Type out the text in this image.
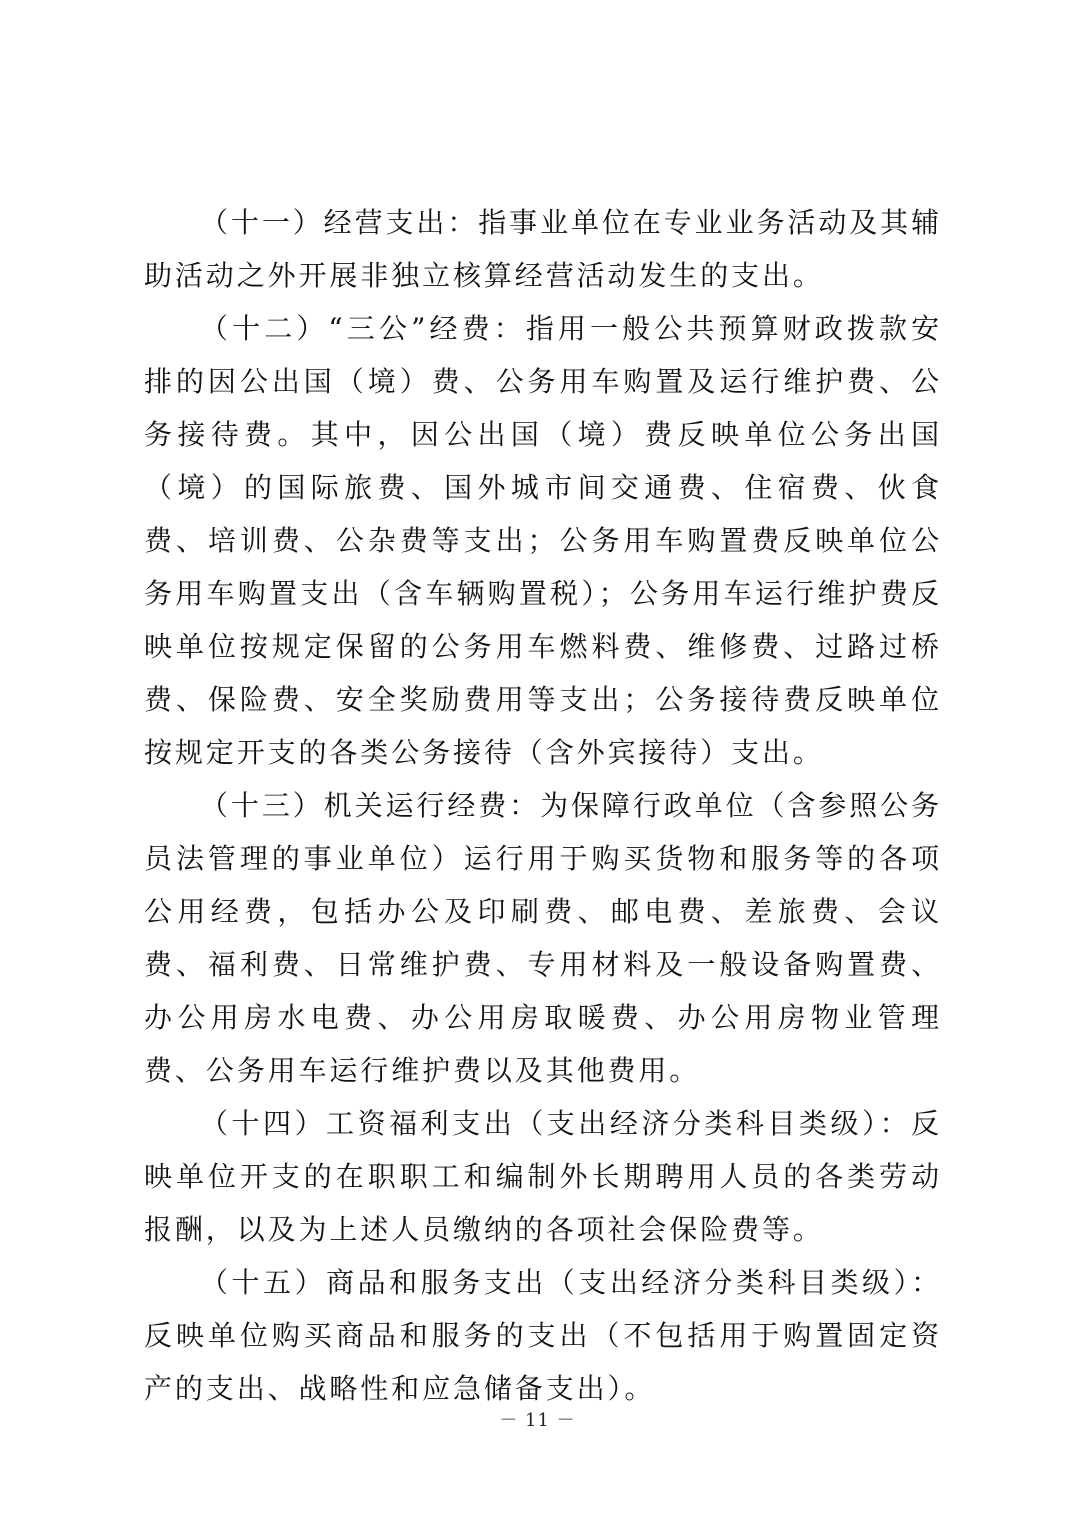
（十一）经营支出：指事业单位在专业业务活动及其辅助活动之外开展非独立核算经营活动发生的支出。

（十二）“三公”经费：指用一般公共预算财政拨款安排的因公出国（境）费、公务用车购置及运行维护费、公务接待费。其中，因公出国（境）费反映单位公务出国（境）的国际旅费、国外城市间交通费、住宿费、伙食费、培训费、公杂费等支出；公务用车购置费反映单位公务用车购置支出（含车辆购置税）；公务用车运行维护费反映单位按规定保留的公务用车燃料费、维修费、过路过桥费、保险费、安全奖励费用等支出；公务接待费反映单位按规定开支的各类公务接待（含外宾接待）支出。

（十三）机关运行经费：为保障行政单位（含参照公务员法管理的事业单位）运行用于购买货物和服务等的各项公用经费，包括办公及印刷费、邮电费、差旅费、会议费、福利费、日常维护费、专用材料及一般设备购置费、办公用房水电费、办公用房取暖费、办公用房物业管理费、公务用车运行维护费以及其他费用。

（十四）工资福利支出（支出经济分类科目类级）：反映单位开支的在职职工和编制外长期聘用人员的各类劳动报酬，以及为上述人员缴纳的各项社会保险费等。

（十五）商品和服务支出（支出经济分类科目类级）：反映单位购买商品和服务的支出（不包括用于购置固定资产的支出、战略性和应急储备支出）。

－ 11 －
